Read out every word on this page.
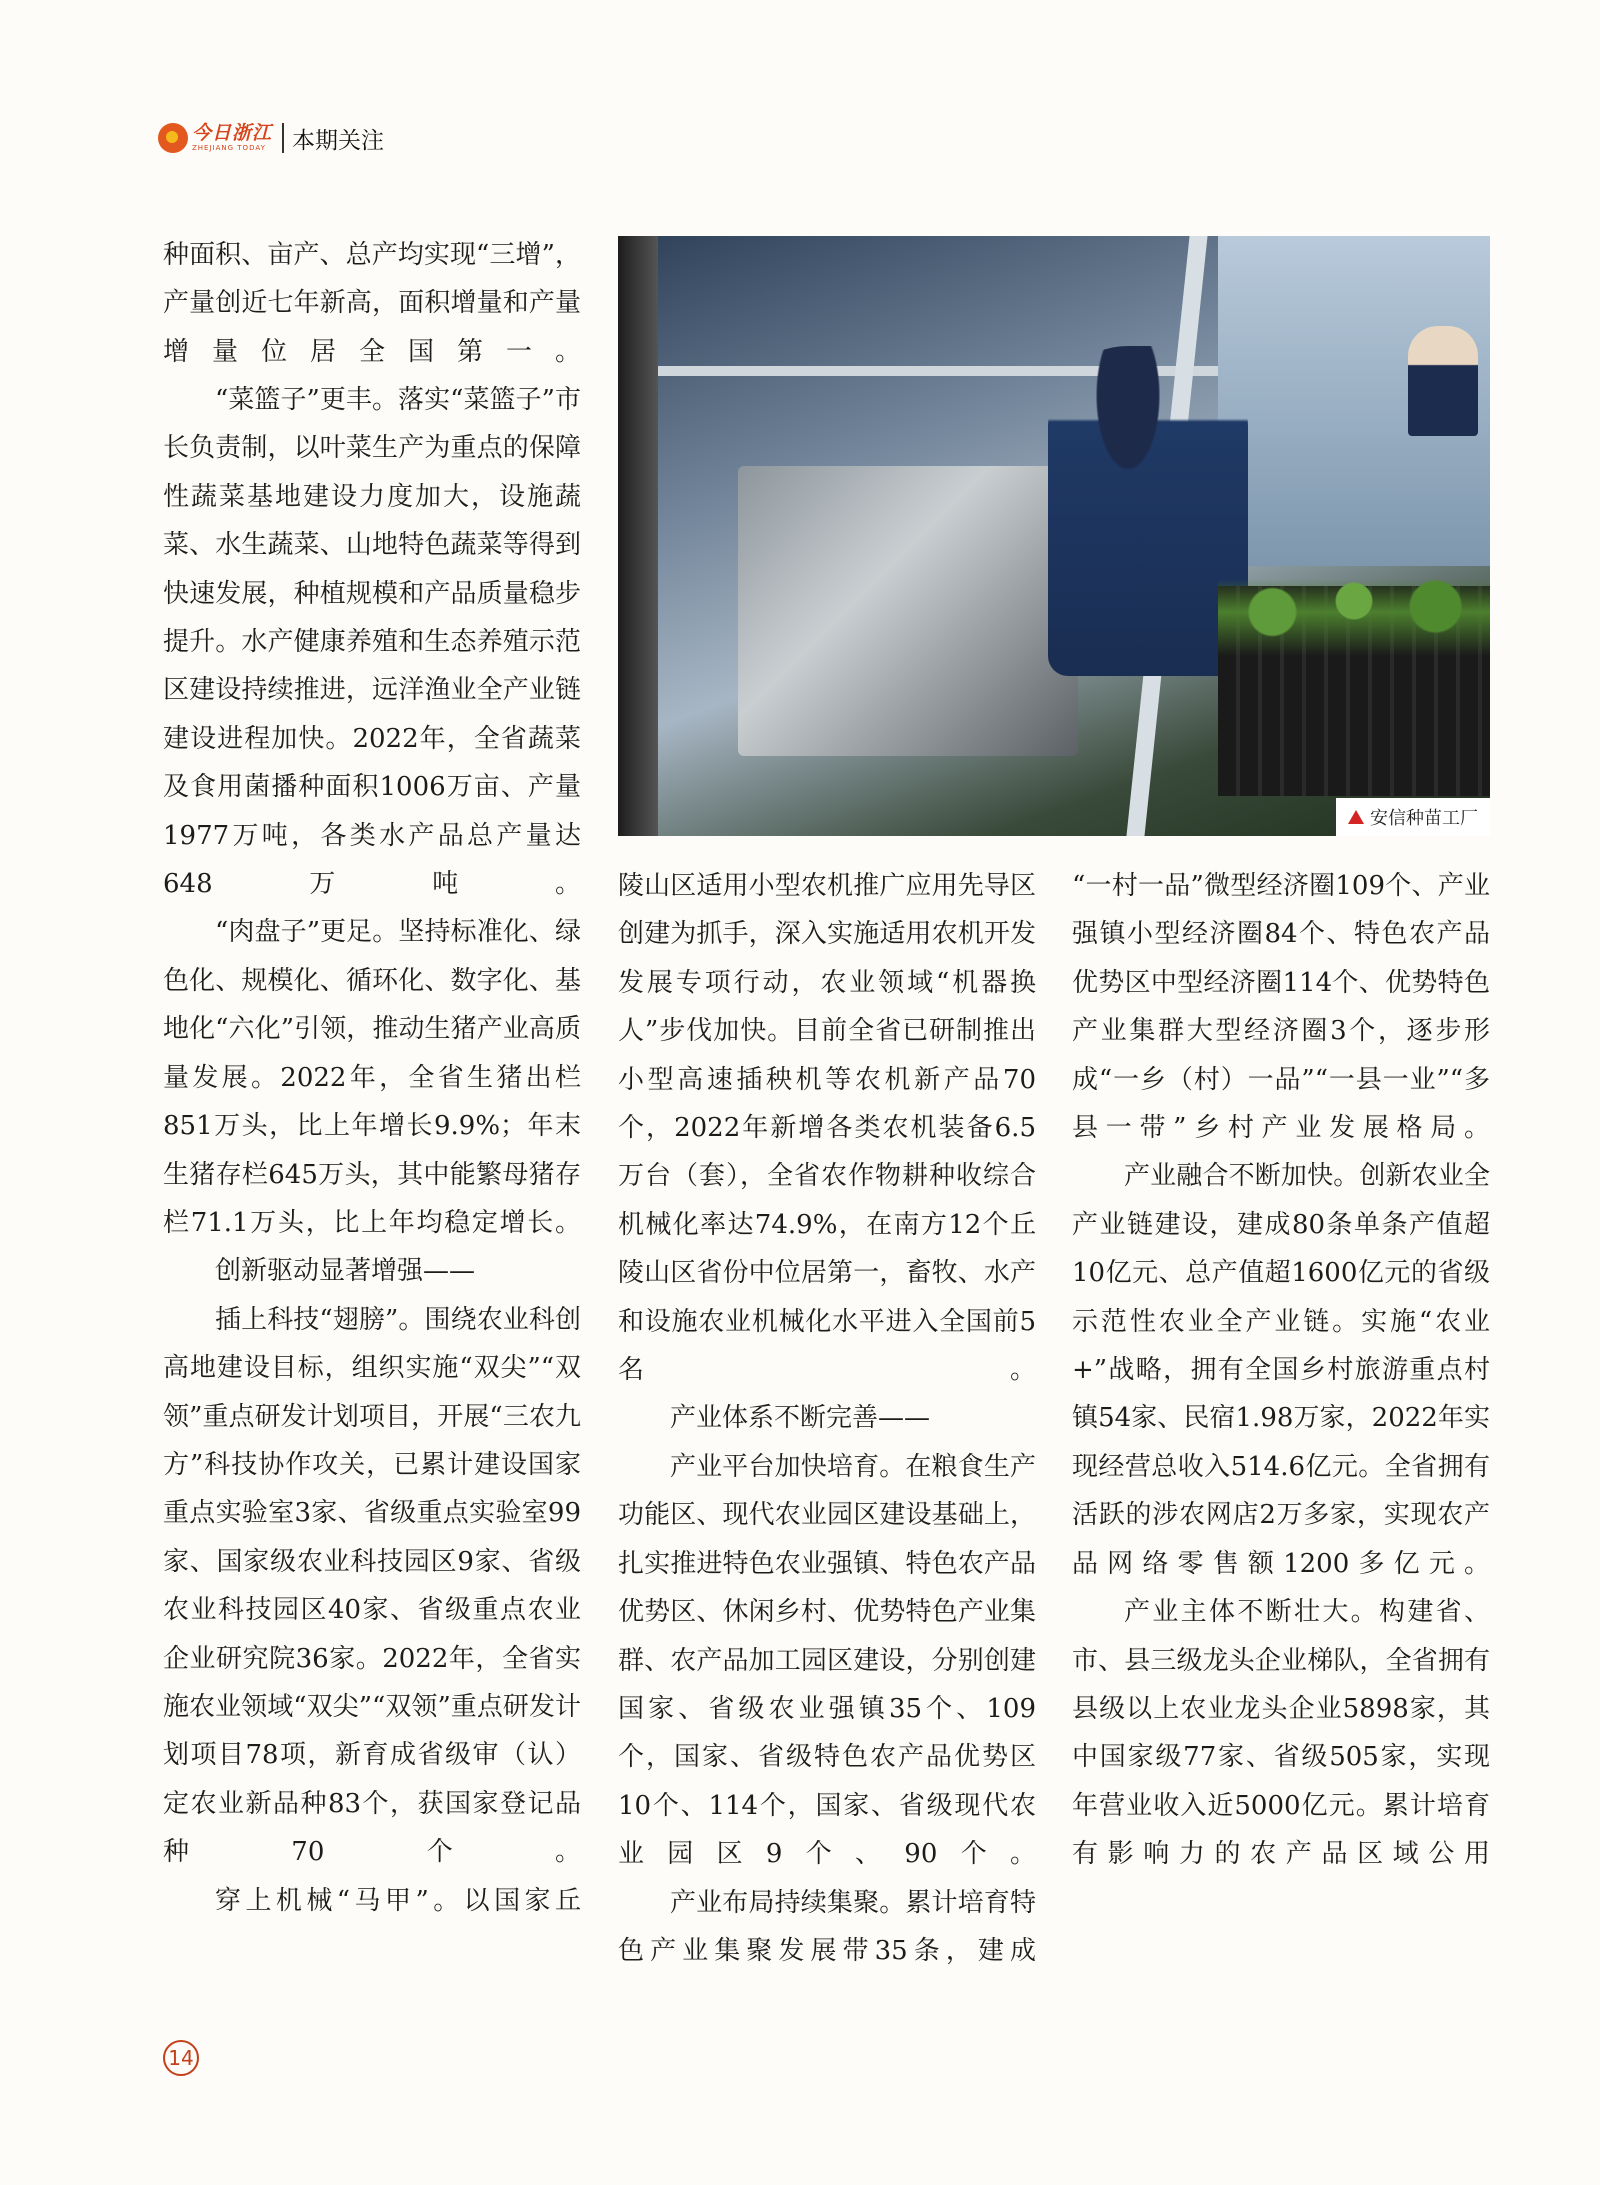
今日浙江
ZHEJIANG TODAY 本期关注

种面积、亩产、总产均实现“三增”，产量创近七年新高，面积增量和产量增量位居全国第一。

“菜篮子”更丰。落实“菜篮子”市长负责制，以叶菜生产为重点的保障性蔬菜基地建设力度加大，设施蔬菜、水生蔬菜、山地特色蔬菜等得到快速发展，种植规模和产品质量稳步提升。水产健康养殖和生态养殖示范区建设持续推进，远洋渔业全产业链建设进程加快。2022年，全省蔬菜及食用菌播种面积1006万亩、产量1977万吨，各类水产品总产量达648万吨。

“肉盘子”更足。坚持标准化、绿色化、规模化、循环化、数字化、基地化“六化”引领，推动生猪产业高质量发展。2022年，全省生猪出栏851万头，比上年增长9.9%；年末生猪存栏645万头，其中能繁母猪存栏71.1万头，比上年均稳定增长。

创新驱动显著增强——

插上科技“翅膀”。围绕农业科创高地建设目标，组织实施“双尖”“双领”重点研发计划项目，开展“三农九方”科技协作攻关，已累计建设国家重点实验室3家、省级重点实验室99家、国家级农业科技园区9家、省级农业科技园区40家、省级重点农业企业研究院36家。2022年，全省实施农业领域“双尖”“双领”重点研发计划项目78项，新育成省级审（认）定农业新品种83个，获国家登记品种70个。

穿上机械“马甲”。以国家丘

安信种苗工厂

陵山区适用小型农机推广应用先导区创建为抓手，深入实施适用农机开发发展专项行动，农业领域“机器换人”步伐加快。目前全省已研制推出小型高速插秧机等农机新产品70个，2022年新增各类农机装备6.5万台（套），全省农作物耕种收综合机械化率达74.9%，在南方12个丘陵山区省份中位居第一，畜牧、水产和设施农业机械化水平进入全国前5名。

产业体系不断完善——

产业平台加快培育。在粮食生产功能区、现代农业园区建设基础上，扎实推进特色农业强镇、特色农产品优势区、休闲乡村、优势特色产业集群、农产品加工园区建设，分别创建国家、省级农业强镇35个、109个，国家、省级特色农产品优势区10个、114个，国家、省级现代农业园区9个、90个。

产业布局持续集聚。累计培育特色产业集聚发展带35条，建成

“一村一品”微型经济圈109个、产业强镇小型经济圈84个、特色农产品优势区中型经济圈114个、优势特色产业集群大型经济圈3个，逐步形成“一乡（村）一品”“一县一业”“多县一带”乡村产业发展格局。

产业融合不断加快。创新农业全产业链建设，建成80条单条产值超10亿元、总产值超1600亿元的省级示范性农业全产业链。实施“农业+”战略，拥有全国乡村旅游重点村镇54家、民宿1.98万家，2022年实现经营总收入514.6亿元。全省拥有活跃的涉农网店2万多家，实现农产品网络零售额1200多亿元。

产业主体不断壮大。构建省、市、县三级龙头企业梯队，全省拥有县级以上农业龙头企业5898家，其中国家级77家、省级505家，实现年营业收入近5000亿元。累计培育有影响力的农产品区域公用

14
